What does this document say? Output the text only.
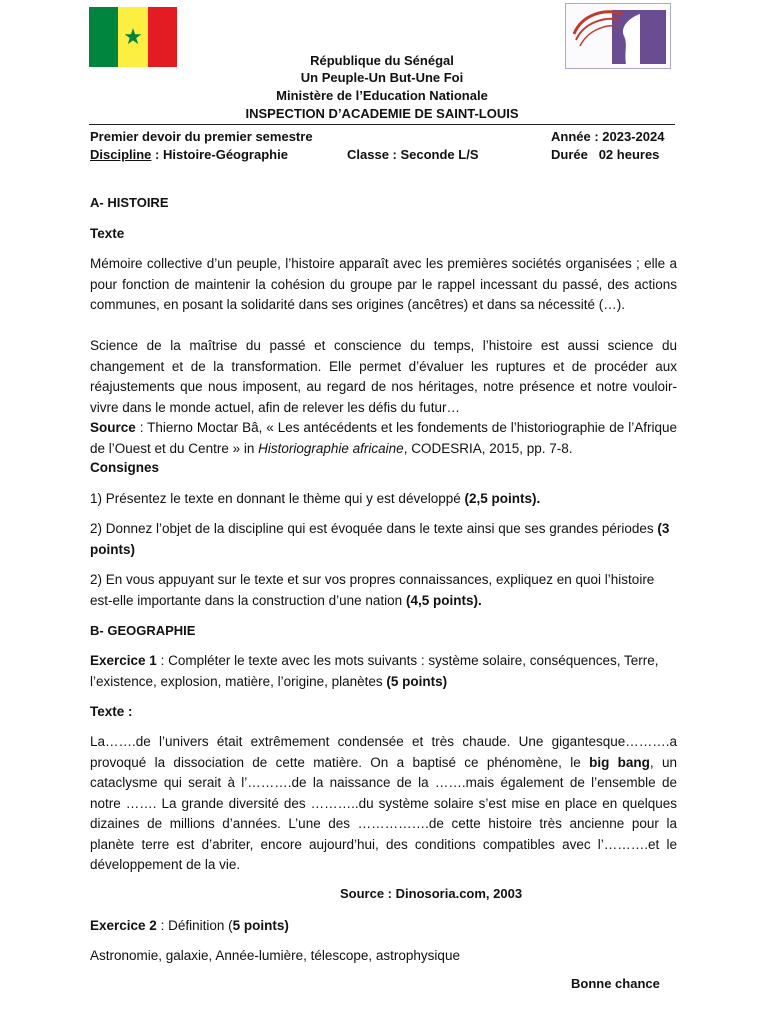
★
République du Sénégal
Un Peuple-Un But-Une Foi
Ministère de l’Education Nationale
INSPECTION D’ACADEMIE DE SAINT-LOUIS
Premier devoir du premier semestre	Année : 2023-2024
Discipline : Histoire-Géographie	Classe : Seconde L/S	Durée 02 heures
A- HISTOIRE
Texte
Mémoire collective d’un peuple, l’histoire apparaît avec les premières sociétés organisées ; elle a pour fonction de maintenir la cohésion du groupe par le rappel incessant du passé, des actions communes, en posant la solidarité dans ses origines (ancêtres) et dans sa nécessité (…).
Science de la maîtrise du passé et conscience du temps, l’histoire est aussi science du changement et de la transformation. Elle permet d’évaluer les ruptures et de procéder aux réajustements que nous imposent, au regard de nos héritages, notre présence et notre vouloir- vivre dans le monde actuel, afin de relever les défis du futur…
Source : Thierno Moctar Bâ, « Les antécédents et les fondements de l’historiographie de l’Afrique de l’Ouest et du Centre » in Historiographie africaine, CODESRIA, 2015, pp. 7-8.
Consignes
1) Présentez le texte en donnant le thème qui y est développé (2,5 points).
2) Donnez l’objet de la discipline qui est évoquée dans le texte ainsi que ses grandes périodes (3 points)
2) En vous appuyant sur le texte et sur vos propres connaissances, expliquez en quoi l’histoire est-elle importante dans la construction d’une nation (4,5 points).
B- GEOGRAPHIE
Exercice 1 : Compléter le texte avec les mots suivants : système solaire, conséquences, Terre, l’existence, explosion, matière, l’origine, planètes (5 points)
Texte :
La…….de l’univers était extrêmement condensée et très chaude. Une gigantesque……….a provoqué la dissociation de cette matière. On a baptisé ce phénomène, le big bang, un cataclysme qui serait à l’……….de la naissance de la …….mais également de l’ensemble de notre ……. La grande diversité des ………..du système solaire s’est mise en place en quelques dizaines de millions d’années. L’une des …………….de cette histoire très ancienne pour la planète terre est d’abriter, encore aujourd’hui, des conditions compatibles avec l’……….et le développement de la vie.
Source : Dinosoria.com, 2003
Exercice 2 : Définition (5 points)
Astronomie, galaxie, Année-lumière, télescope, astrophysique
Bonne chance
